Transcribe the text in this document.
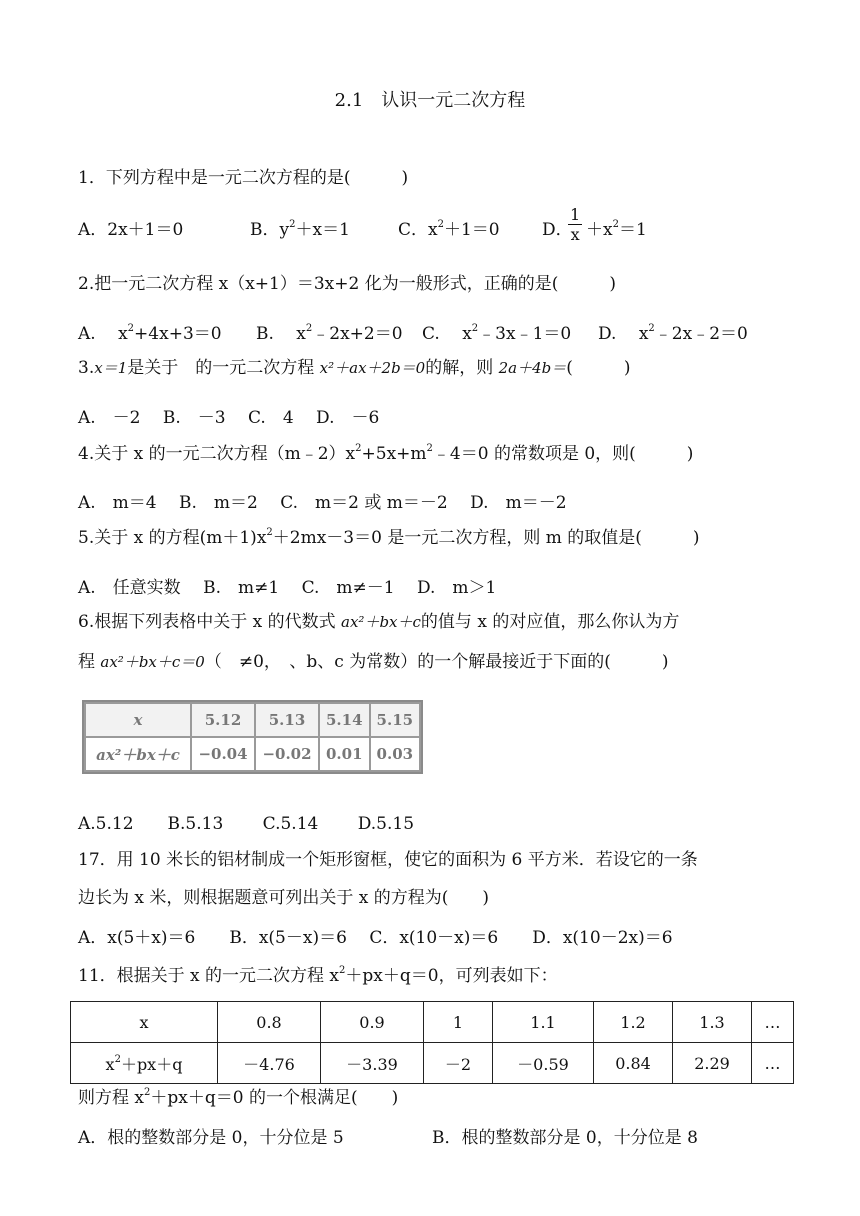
2.1　认识一元二次方程
1．下列方程中是一元二次方程的是(　　　)
A．2x＋1＝0	B．$y^2+x=1$	C．$x^2+1=0$ D．
$\frac{1}{x} +x^2=1$
2.把一元二次方程 x（x+1）＝3x+2 化为一般形式，正确的是(　　　)
A.　 $x^2+4x+3=0$ B.　 $x^2﹣2x+2=0$ C.　 $x^2﹣3x﹣1=0$ D.　 $x^2﹣2x﹣2=0$
3.x＝1是关于　的一元二次方程 x²＋ax＋2b＝0的解，则 2a＋4b＝(　　　)
A.　－2　 B.　－3　 C.　4　 D.　－6
4.关于 x 的一元二次方程$(m﹣2)x^2+5x+m^2﹣4=0$ 的常数项是 0，则(　　　)
A.　m＝4　 B.　m＝2　 C.　m＝2 或 m＝－2　 D.　m＝－2
5.关于 x 的方程$(m+1)x^2+2mx-3=0$ 是一元二次方程，则 m 的取值是(　　　)
A.　任意实数　 B.　m≠1　 C.　m≠－1　 D.　m＞1
6.根据下列表格中关于 x 的代数式 ax²＋bx＋c的值与 x 的对应值，那么你认为方
程 ax²＋bx＋c＝0（　≠0，　、b、c 为常数）的一个解最接近于下面的(　　　)
x	5.12	5.13	5.14	5.15
ax²＋bx＋c	−0.04	−0.02	0.01	0.03
A.5.12　　B.5.13　　 C.5.14　　 D.5.15
17．用 10 米长的铝材制成一个矩形窗框，使它的面积为 6 平方米．若设它的一条
边长为 x 米，则根据题意可列出关于 x 的方程为(　　)
A．x(5＋x)＝6　　B．x(5－x)＝6　 C．x(10－x)＝6　　D．x(10－2x)＝6
11．根据关于 x 的一元二次方程 $x^2+px+q=0$，可列表如下：
x	0.8	0.9	1	1.1	1.2	1.3	…
$x^2+px+q$	－4.76	－3.39	－2	－0.59	0.84	2.29	…
则方程 $x^2+px+q=0$ 的一个根满足(　　)
A．根的整数部分是 0，十分位是 5	B．根的整数部分是 0，十分位是 8
